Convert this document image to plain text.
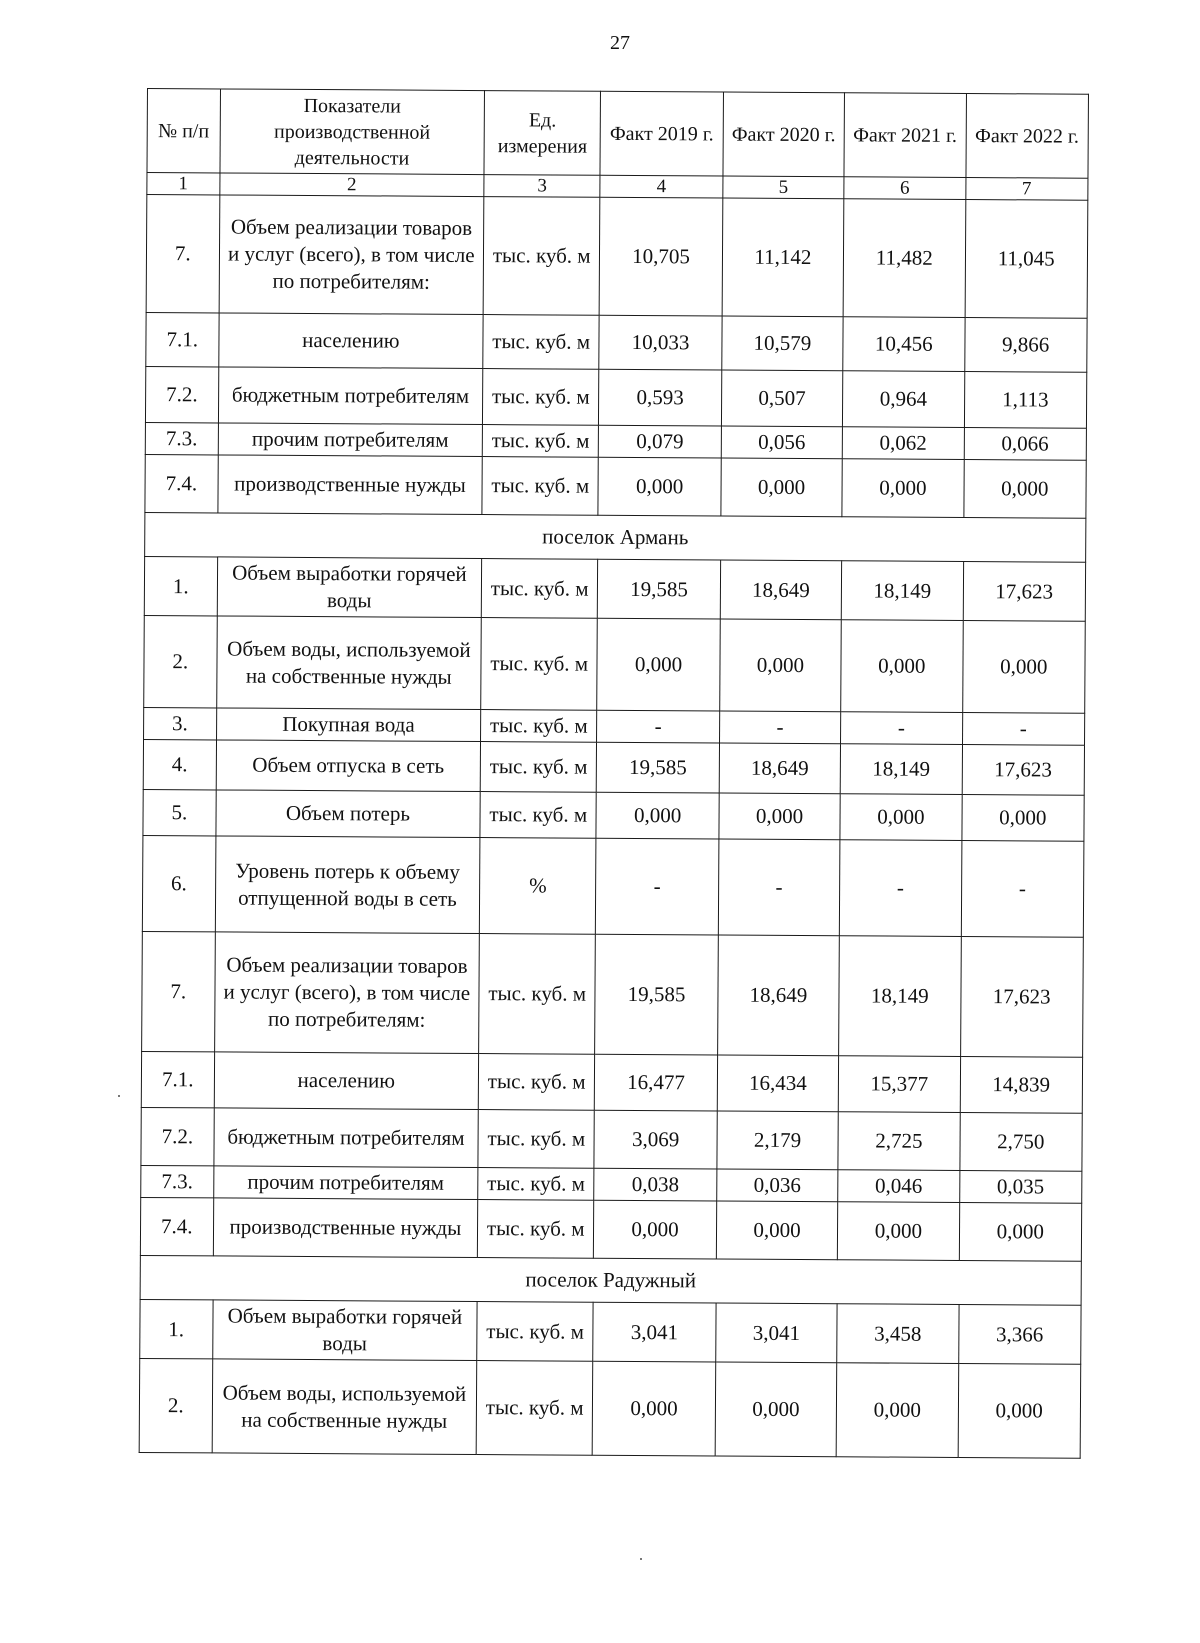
27
№ п/п	Показатели производственной деятельности	Ед. измерения	Факт 2019 г.	Факт 2020 г.	Факт 2021 г.	Факт 2022 г.
1	2	3	4	5	6	7
7.	Объем реализации товаров и услуг (всего), в том числе по потребителям:	тыс. куб. м	10,705	11,142	11,482	11,045
7.1.	населению	тыс. куб. м	10,033	10,579	10,456	9,866
7.2.	бюджетным потребителям	тыс. куб. м	0,593	0,507	0,964	1,113
7.3.	прочим потребителям	тыс. куб. м	0,079	0,056	0,062	0,066
7.4.	производственные нужды	тыс. куб. м	0,000	0,000	0,000	0,000
поселок Армань						
1.	Объем выработки горячей воды	тыс. куб. м	19,585	18,649	18,149	17,623
2.	Объем воды, используемой на собственные нужды	тыс. куб. м	0,000	0,000	0,000	0,000
3.	Покупная вода	тыс. куб. м	-	-	-	-
4.	Объем отпуска в сеть	тыс. куб. м	19,585	18,649	18,149	17,623
5.	Объем потерь	тыс. куб. м	0,000	0,000	0,000	0,000
6.	Уровень потерь к объему отпущенной воды в сеть	%	-	-	-	-
7.	Объем реализации товаров и услуг (всего), в том числе по потребителям:	тыс. куб. м	19,585	18,649	18,149	17,623
7.1.	населению	тыс. куб. м	16,477	16,434	15,377	14,839
7.2.	бюджетным потребителям	тыс. куб. м	3,069	2,179	2,725	2,750
7.3.	прочим потребителям	тыс. куб. м	0,038	0,036	0,046	0,035
7.4.	производственные нужды	тыс. куб. м	0,000	0,000	0,000	0,000
поселок Радужный						
1.	Объем выработки горячей воды	тыс. куб. м	3,041	3,041	3,458	3,366
2.	Объем воды, используемой на собственные нужды	тыс. куб. м	0,000	0,000	0,000	0,000
